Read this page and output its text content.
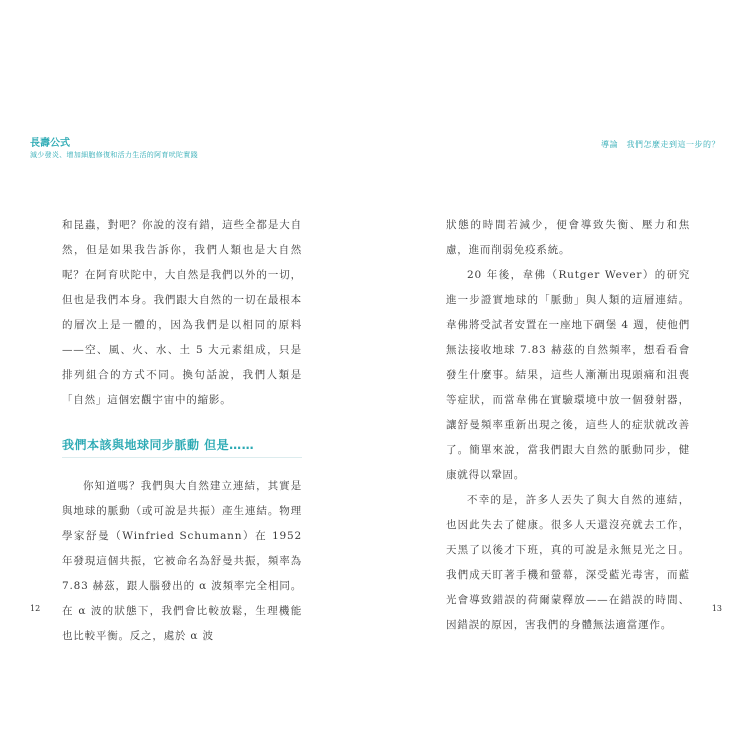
長壽公式
減少發炎、增加細胞修復和活力生活的阿育吠陀實踐
導論　我們怎麼走到這一步的？

和昆蟲，對吧？你說的沒有錯，這些全都是大自然，但是如果我告訴你，我們人類也是大自然呢？在阿育吠陀中，大自然是我們以外的一切，但也是我們本身。我們跟大自然的一切在最根本的層次上是一體的，因為我們是以相同的原料——空、風、火、水、土 5 大元素組成，只是排列組合的方式不同。換句話說，我們人類是「自然」這個宏觀宇宙中的縮影。

我們本該與地球同步脈動 但是……

你知道嗎？我們與大自然建立連結，其實是與地球的脈動（或可說是共振）產生連結。物理學家舒曼（Winfried Schumann）在 1952 年發現這個共振，它被命名為舒曼共振，頻率為 7.83 赫茲，跟人腦發出的 α 波頻率完全相同。在 α 波的狀態下，我們會比較放鬆，生理機能也比較平衡。反之，處於 α 波

狀態的時間若減少，便會導致失衡、壓力和焦慮，進而削弱免疫系統。

20 年後，韋佛（Rutger Wever）的研究進一步證實地球的「脈動」與人類的這層連結。韋佛將受試者安置在一座地下碉堡 4 週，使他們無法接收地球 7.83 赫茲的自然頻率，想看看會發生什麼事。結果，這些人漸漸出現頭痛和沮喪等症狀，而當韋佛在實驗環境中放一個發射器，讓舒曼頻率重新出現之後，這些人的症狀就改善了。簡單來說，當我們跟大自然的脈動同步，健康就得以鞏固。

不幸的是，許多人丟失了與大自然的連結，也因此失去了健康。很多人天還沒亮就去工作，天黑了以後才下班，真的可說是永無見光之日。我們成天盯著手機和螢幕，深受藍光毒害，而藍光會導致錯誤的荷爾蒙釋放——在錯誤的時間、因錯誤的原因，害我們的身體無法適當運作。

12	13
